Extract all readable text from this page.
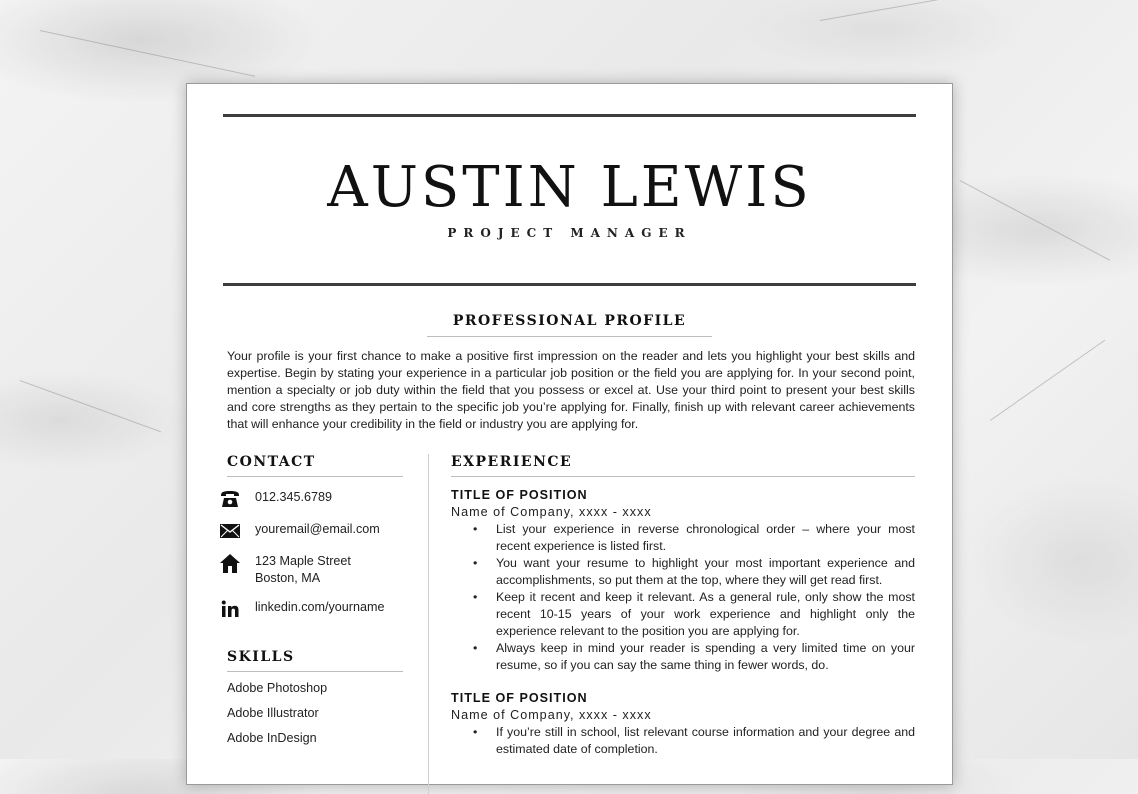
AUSTIN LEWIS

PROJECT MANAGER

PROFESSIONAL PROFILE

Your profile is your first chance to make a positive first impression on the reader and lets you highlight your best skills and expertise. Begin by stating your experience in a particular job position or the field you are applying for. In your second point, mention a specialty or job duty within the field that you possess or excel at. Use your third point to present your best skills and core strengths as they pertain to the specific job you’re applying for. Finally, finish up with relevant career achievements that will enhance your credibility in the field or industry you are applying for.

CONTACT
012.345.6789
youremail@email.com
123 Maple Street
Boston, MA
linkedin.com/yourname
SKILLS
Adobe Photoshop
Adobe Illustrator
Adobe InDesign
EXPERIENCE

TITLE OF POSITION

Name of Company, xxxx - xxxx

• List your experience in reverse chronological order – where your most recent experience is listed first.
• You want your resume to highlight your most important experience and accomplishments, so put them at the top, where they will get read first.
• Keep it recent and keep it relevant. As a general rule, only show the most recent 10-15 years of your work experience and highlight only the experience relevant to the position you are applying for.
• Always keep in mind your reader is spending a very limited time on your resume, so if you can say the same thing in fewer words, do.

TITLE OF POSITION

Name of Company, xxxx - xxxx

• If you’re still in school, list relevant course information and your degree and estimated date of completion.
